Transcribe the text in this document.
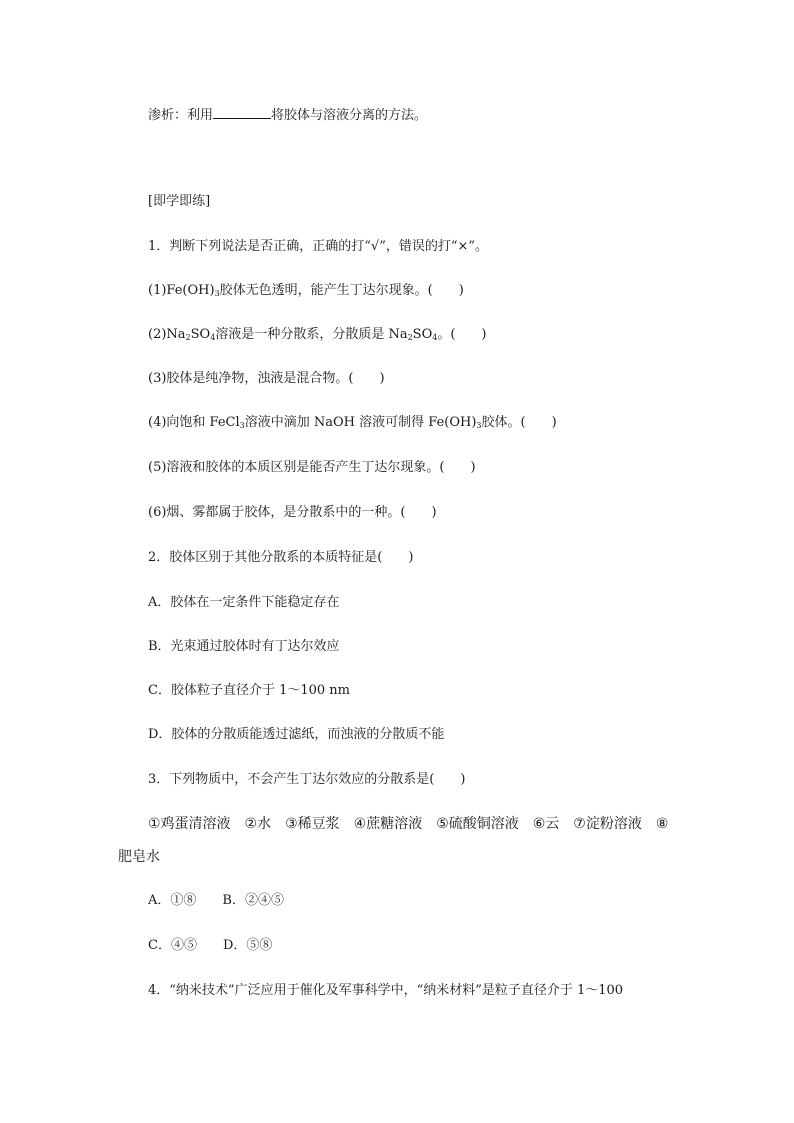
渗析：利用	将胶体与溶液分离的方法。
[即学即练]
1．判断下列说法是否正确，正确的打“√”，错误的打“×”。
$(1)Fe(OH)_3$胶体无色透明，能产生丁达尔现象。(　　)
$(2)Na_2SO_4$溶液是一种分散系，分散质是 $Na_2SO_4$。(　　)
(3)胶体是纯净物，浊液是混合物。(　　)
(4)向饱和 FeCl$_3$溶液中滴加 NaOH 溶液可制得 $Fe(OH)_3$胶体。(　　)
(5)溶液和胶体的本质区别是能否产生丁达尔现象。(　　)
(6)烟、雾都属于胶体，是分散系中的一种。(　　)
2．胶体区别于其他分散系的本质特征是(　　)
A．胶体在一定条件下能稳定存在
B．光束通过胶体时有丁达尔效应
C．胶体粒子直径介于 1～100 nm
D．胶体的分散质能透过滤纸，而浊液的分散质不能
3．下列物质中，不会产生丁达尔效应的分散系是(　　)
①鸡蛋清溶液　②水　③稀豆浆　④蔗糖溶液　⑤硫酸铜溶液　⑥云　⑦淀粉溶液　⑧
肥皂水
A．①⑧　　B．②④⑤
C．④⑤　　D．⑤⑧
4．“纳米技术”广泛应用于催化及军事科学中，“纳米材料”是粒子直径介于 1～100
